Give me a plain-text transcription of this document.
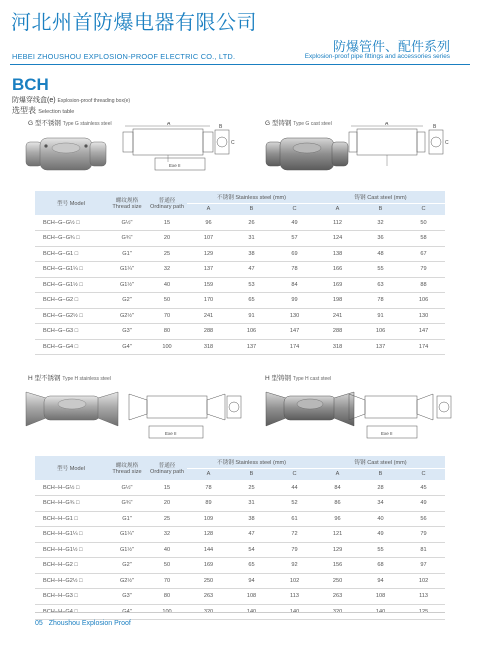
河北州首防爆电器有限公司
HEBEI ZHOUSHOU EXPLOSION-PROOF ELECTRIC CO., LTD.
防爆管件、配件系列
Explosion-proof pipe fittings and accessories series
BCH
防爆穿线盒(e) Explosion-proof threading box(e)
选型表 Selection table
G 型不锈钢 Type G stainless steel	G 型铸钢 Type G cast steel
A
Exe II
B
C
A	B
C
型号 Model	螺纹规格
Thread size	普通径
Ordinary path	不锈钢 Stainless steel (mm)			铸钢 Cast steel (mm)		
			A	B	C	A	B	C
BCH−G−G½ □	G½"	15	96	26	49	112	32	50
BCH−G−G¾ □	G¾"	20	107	31	57	124	36	58
BCH−G−G1 □	G1"	25	129	38	69	138	48	67
BCH−G−G1¼ □	G1¼"	32	137	47	78	166	55	79
BCH−G−G1½ □	G1½"	40	159	53	84	169	63	88
BCH−G−G2 □	G2"	50	170	65	99	198	78	106
BCH−G−G2½ □	G2½"	70	241	91	130	241	91	130
BCH−G−G3 □	G3"	80	288	106	147	288	106	147
BCH−G−G4 □	G4"	100	318	137	174	318	137	174
H 型不锈钢 Type H stainless steel	H 型铸钢 Type H cast steel
Exe II	Exe II
型号 Model	螺纹规格
Thread size	普通径
Ordinary path	不锈钢 Stainless steel (mm)			铸钢 Cast steel (mm)		
			A	B	C	A	B	C
BCH−H−G½ □	G½"	15	78	25	44	84	28	45
BCH−H−G¾ □	G¾"	20	89	31	52	86	34	49
BCH−H−G1 □	G1"	25	109	38	61	96	40	56
BCH−H−G1¼ □	G1¼"	32	128	47	72	121	49	79
BCH−H−G1½ □	G1½"	40	144	54	79	129	55	81
BCH−H−G2 □	G2"	50	169	65	92	156	68	97
BCH−H−G2½ □	G2½"	70	250	94	102	250	94	102
BCH−H−G3 □	G3"	80	263	108	113	263	108	113

05 Zhoushou Explosion Proof
